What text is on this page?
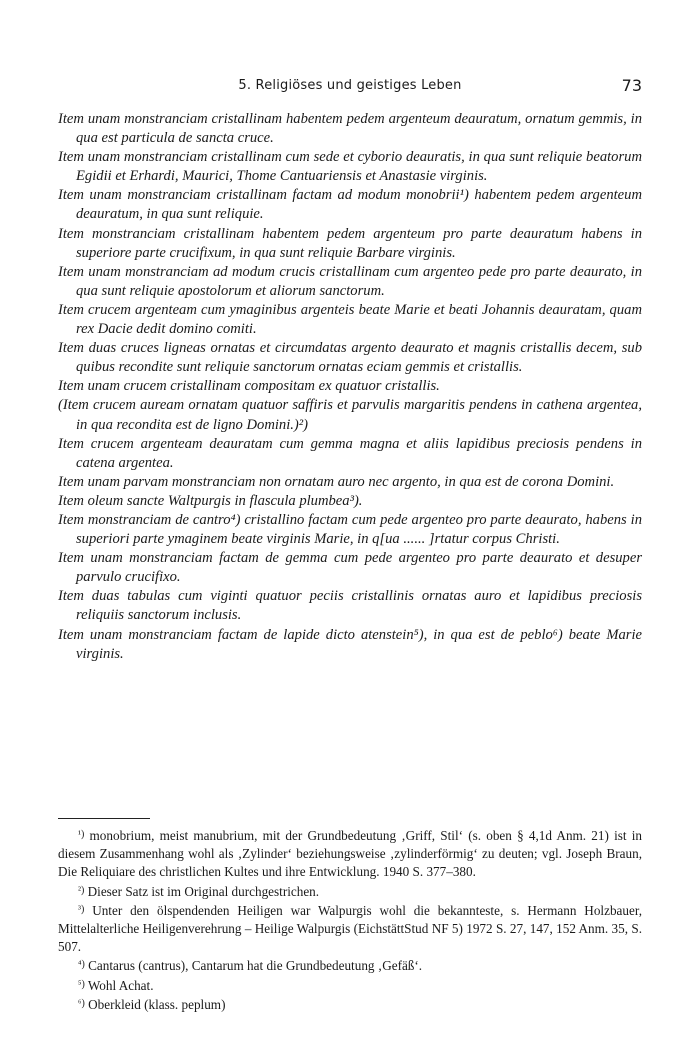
5. Religiöses und geistiges Leben	73

Item unam monstranciam cristallinam habentem pedem argenteum deauratum, ornatum gemmis, in qua est particula de sancta cruce.

Item unam monstranciam cristallinam cum sede et cyborio deauratis, in qua sunt reliquie beatorum Egidii et Erhardi, Maurici, Thome Cantuariensis et Anastasie virginis.

Item unam monstranciam cristallinam factam ad modum monobrii¹) habentem pedem argenteum deauratum, in qua sunt reliquie.

Item monstranciam cristallinam habentem pedem argenteum pro parte deauratum habens in superiore parte crucifixum, in qua sunt reliquie Barbare virginis.

Item unam monstranciam ad modum crucis cristallinam cum argenteo pede pro parte deaurato, in qua sunt reliquie apostolorum et aliorum sanctorum.

Item crucem argenteam cum ymaginibus argenteis beate Marie et beati Johannis deauratam, quam rex Dacie dedit domino comiti.

Item duas cruces ligneas ornatas et circumdatas argento deaurato et magnis cristallis decem, sub quibus recondite sunt reliquie sanctorum ornatas eciam gemmis et cristallis.

Item unam crucem cristallinam compositam ex quatuor cristallis.

(Item crucem auream ornatam quatuor saffiris et parvulis margaritis pendens in cathena argentea, in qua recondita est de ligno Domini.)²)

Item crucem argenteam deauratam cum gemma magna et aliis lapidibus preciosis pendens in catena argentea.

Item unam parvam monstranciam non ornatam auro nec argento, in qua est de corona Domini.

Item oleum sancte Waltpurgis in flascula plumbea³).

Item monstranciam de cantro⁴) cristallino factam cum pede argenteo pro parte deaurato, habens in superiori parte ymaginem beate virginis Marie, in q[ua ...... ]rtatur corpus Christi.

Item unam monstranciam factam de gemma cum pede argenteo pro parte deaurato et desuper parvulo crucifixo.

Item duas tabulas cum viginti quatuor peciis cristallinis ornatas auro et lapidibus preciosis reliquiis sanctorum inclusis.

Item unam monstranciam factam de lapide dicto atenstein⁵), in qua est de peblo⁶) beate Marie virginis.

$^{^1)}$ monobrium, meist manubrium, mit der Grundbedeutung ‚Griff, Stil‘ (s. oben § 4,1d Anm. 21) ist in diesem Zusammenhang wohl als ‚Zylinder‘ beziehungsweise ‚zylinderförmig‘ zu deuten; vgl. Joseph Braun, Die Reliquiare des christlichen Kultes und ihre Entwicklung. 1940 S. 377–380.

$^{^2)}$ Dieser Satz ist im Original durchgestrichen.

$^{^3)}$ Unter den ölspendenden Heiligen war Walpurgis wohl die bekannteste, s. Hermann Holzbauer, Mittelalterliche Heiligenverehrung – Heilige Walpurgis (EichstättStud NF 5) 1972 S. 27, 147, 152 Anm. 35, S. 507.

$^{^4)}$ Cantarus (cantrus), Cantarum hat die Grundbedeutung ‚Gefäß‘.

$^{^5)}$ Wohl Achat.

$^{^6)}$ Oberkleid (klass. peplum)
